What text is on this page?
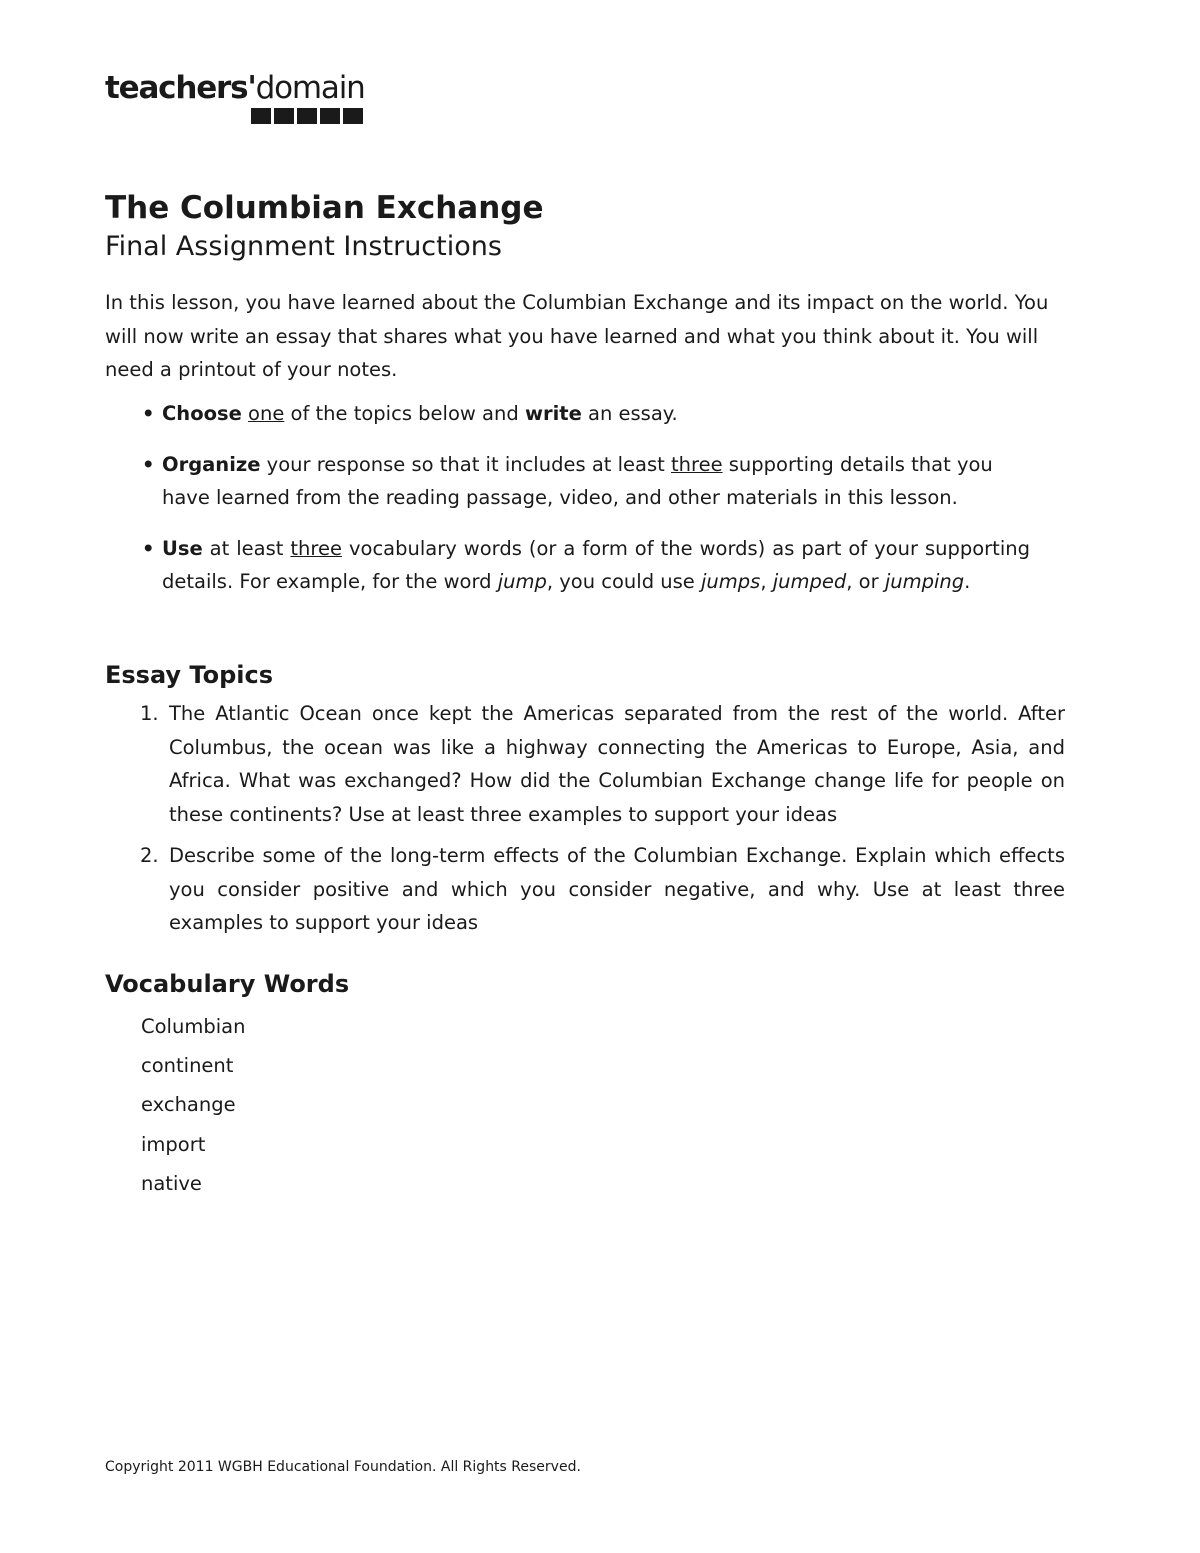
teachers'domain
The Columbian Exchange
Final Assignment Instructions

In this lesson, you have learned about the Columbian Exchange and its impact on the world. You will now write an essay that shares what you have learned and what you think about it. You will need a printout of your notes.

• Choose one of the topics below and write an essay.
• Organize your response so that it includes at least three supporting details that you have learned from the reading passage, video, and other materials in this lesson.
• Use at least three vocabulary words (or a form of the words) as part of your supporting details. For example, for the word jump, you could use jumps, jumped, or jumping.
Essay Topics
1. The Atlantic Ocean once kept the Americas separated from the rest of the world. After Columbus, the ocean was like a highway connecting the Americas to Europe, Asia, and Africa. What was exchanged? How did the Columbian Exchange change life for people on these continents? Use at least three examples to support your ideas
2. Describe some of the long-term effects of the Columbian Exchange. Explain which effects you consider positive and which you consider negative, and why. Use at least three examples to support your ideas
Vocabulary Words
Columbian
continent
exchange
import
native

Copyright 2011 WGBH Educational Foundation. All Rights Reserved.
